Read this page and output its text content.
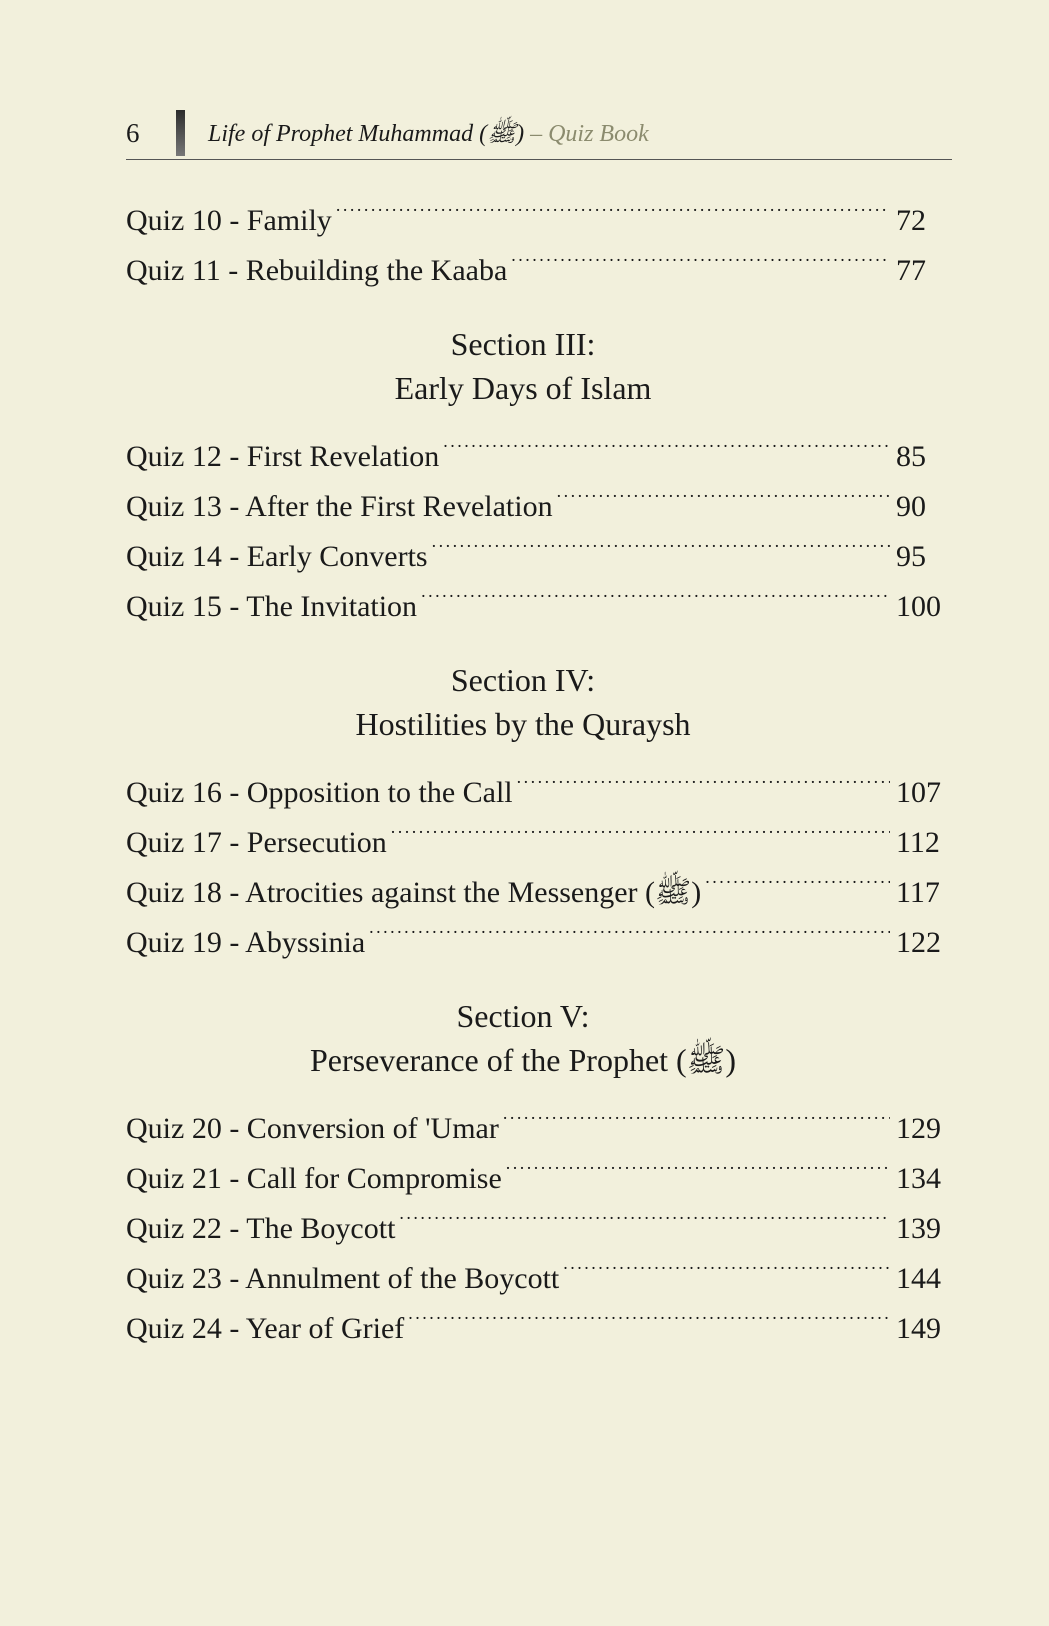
6	Life of Prophet Muhammad (ﷺ) – Quiz Book
Quiz 10 - Family . . .	72
Quiz 11 - Rebuilding the Kaaba . . .	77
Section III:
Early Days of Islam
Quiz 12 - First Revelation . . .	85
Quiz 13 - After the First Revelation . . .	90
Quiz 14 - Early Converts . . .	95
Quiz 15 - The Invitation . . .	100
Section IV:
Hostilities by the Quraysh
Quiz 16 - Opposition to the Call . . .	107
Quiz 17 - Persecution . . .	112
Quiz 18 - Atrocities against the Messenger (ﷺ) . . .	117
Quiz 19 - Abyssinia . . .	122
Section V:
Perseverance of the Prophet (ﷺ)
Quiz 20 - Conversion of 'Umar . . .	129
Quiz 21 - Call for Compromise . . .	134
Quiz 22 - The Boycott . . .	139
Quiz 23 - Annulment of the Boycott . . .	144
Quiz 24 - Year of Grief . . .	149
